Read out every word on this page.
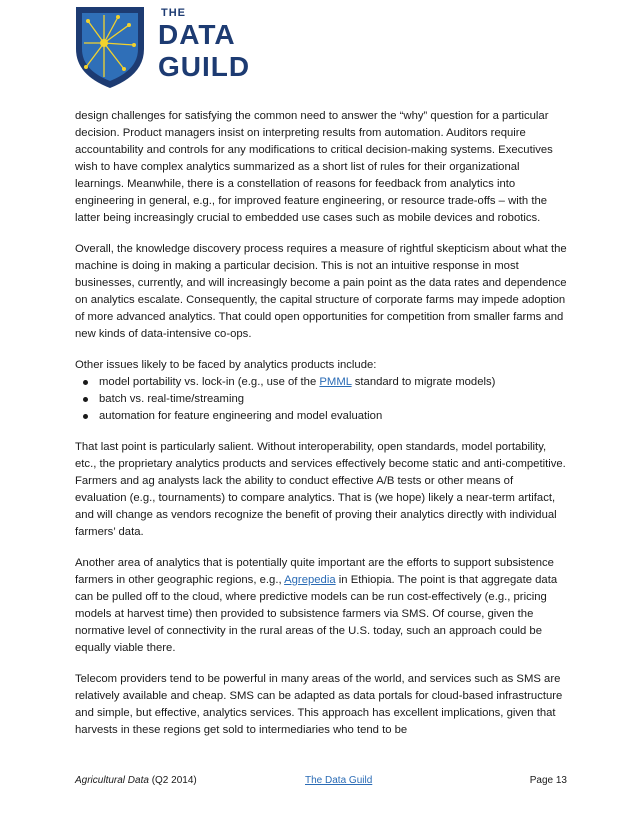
THE
DATA
GUILD

design challenges for satisfying the common need to answer the “why” question for a particular decision. Product managers insist on interpreting results from automation. Auditors require accountability and controls for any modifications to critical decision-making systems. Executives wish to have complex analytics summarized as a short list of rules for their organizational learnings. Meanwhile, there is a constellation of reasons for feedback from analytics into engineering in general, e.g., for improved feature engineering, or resource trade-offs – with the latter being increasingly crucial to embedded use cases such as mobile devices and robotics.

Overall, the knowledge discovery process requires a measure of rightful skepticism about what the machine is doing in making a particular decision. This is not an intuitive response in most businesses, currently, and will increasingly become a pain point as the data rates and dependence on analytics escalate. Consequently, the capital structure of corporate farms may impede adoption of more advanced analytics. That could open opportunities for competition from smaller farms and new kinds of data-intensive co-ops.

Other issues likely to be faced by analytics products include:

model portability vs. lock-in (e.g., use of the PMML standard to migrate models)
batch vs. real-time/streaming
automation for feature engineering and model evaluation

That last point is particularly salient. Without interoperability, open standards, model portability, etc., the proprietary analytics products and services effectively become static and anti-competitive. Farmers and ag analysts lack the ability to conduct effective A/B tests or other means of evaluation (e.g., tournaments) to compare analytics. That is (we hope) likely a near-term artifact, and will change as vendors recognize the benefit of proving their analytics directly with individual farmers’ data.

Another area of analytics that is potentially quite important are the efforts to support subsistence farmers in other geographic regions, e.g., Agrepedia in Ethiopia. The point is that aggregate data can be pulled off to the cloud, where predictive models can be run cost-effectively (e.g., pricing models at harvest time) then provided to subsistence farmers via SMS. Of course, given the normative level of connectivity in the rural areas of the U.S. today, such an approach could be equally viable there.

Telecom providers tend to be powerful in many areas of the world, and services such as SMS are relatively available and cheap. SMS can be adapted as data portals for cloud-based infrastructure and simple, but effective, analytics services. This approach has excellent implications, given that harvests in these regions get sold to intermediaries who tend to be

Agricultural Data (Q2 2014)	The Data Guild	Page 13
